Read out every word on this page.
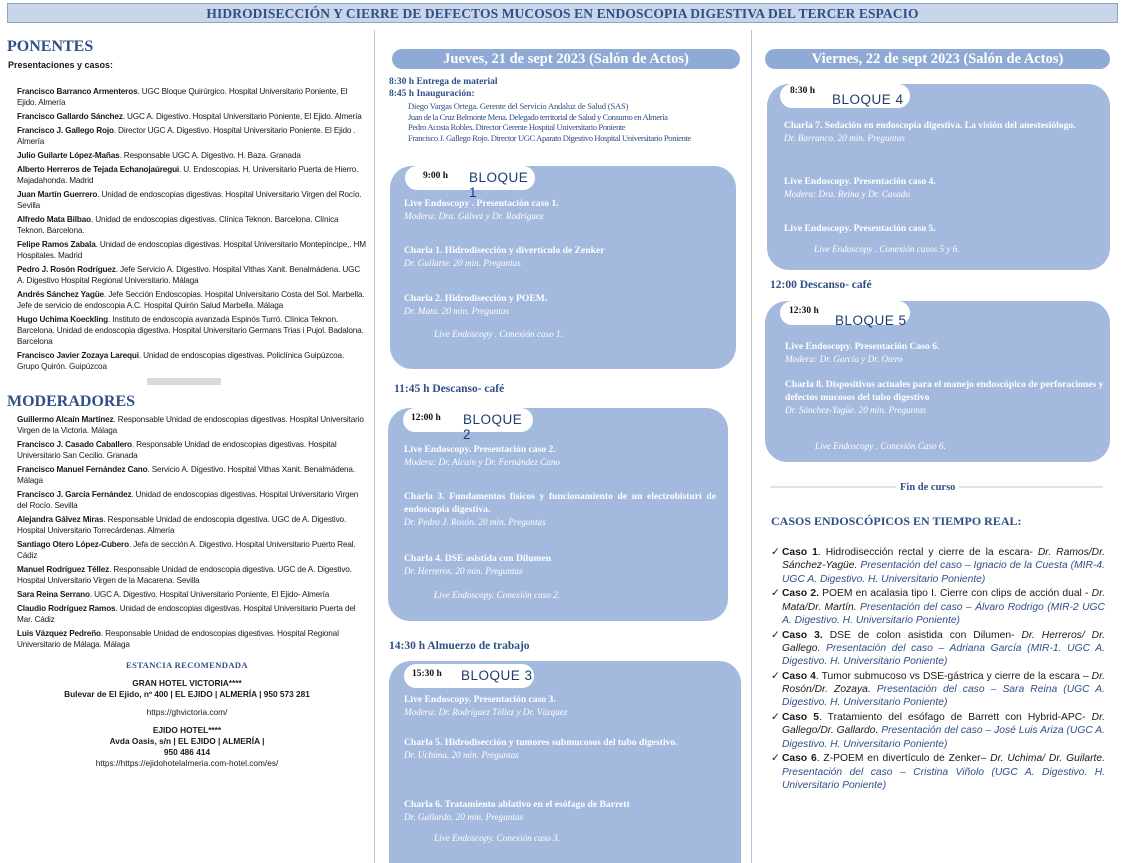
HIDRODISECCIÓN Y CIERRE DE DEFECTOS MUCOSOS EN ENDOSCOPIA DIGESTIVA DEL TERCER ESPACIO
PONENTES
Presentaciones y casos:
Francisco Barranco Armenteros. UGC Bloque Quirúrgico. Hospital Universitario Poniente, El Ejido. Almería
Francisco Gallardo Sánchez. UGC A. Digestivo. Hospital Universitario Poniente, El Ejido. Almería
Francisco J. Gallego Rojo. Director UGC A. Digestivo. Hospital Universitario Poniente. El Ejido . Almería
Julio Guilarte López-Mañas. Responsable UGC A. Digestivo. H. Baza. Granada
Alberto Herreros de Tejada Echanojaúregui. U. Endoscopias. H. Universitario Puerta de Hierro. Majadahonda. Madrid
Juan Martín Guerrero. Unidad de endoscopias digestivas. Hospital Universitario Virgen del Rocío. Sevilla
Alfredo Mata Bilbao. Unidad de endoscopias digestivas. Clínica Teknon. Barcelona. Clínica Teknon. Barcelona.
Felipe Ramos Zabala. Unidad de endoscopias digestivas. Hospital Universitario Montepíncipe,. HM Hospitales. Madrid
Pedro J. Rosón Rodríguez. Jefe Servicio A. Digestivo. Hospital Vithas Xanit. Benalmádena. UGC A. Digestivo Hospital Regional Universitario. Málaga
Andrés Sánchez Yagüe. Jefe Sección Endoscopias. Hospital Universitario Costa del Sol. Marbella. Jefe de servicio de endoscopia A.C. Hospital Quirón Salud Marbella. Málaga
Hugo Uchima Koeckling. Instituto de endoscopia avanzada Espinós Turró. Clínica Teknon. Barcelona. Unidad de endoscopia digestiva. Hospital Universitario Germans Trias i Pujol. Badalona. Barcelona
Francisco Javier Zozaya Larequi. Unidad de endoscopias digestivas. Policlínica Guipúzcoa. Grupo Quirón. Guipúzcoa
MODERADORES
Guillermo Alcaín Martínez. Responsable Unidad de endoscopias digestivas. Hospital Universitario Virgen de la Victoria. Málaga
Francisco J. Casado Caballero. Responsable Unidad de endoscopias digestivas. Hospital Universitario San Cecilio. Granada
Francisco Manuel Fernández Cano. Servicio A. Digestivo. Hospital Vithas Xanit. Benalmádena. Málaga
Francisco J. García Fernández. Unidad de endoscopias digestivas. Hospital Universitario Virgen del Rocío. Sevilla
Alejandra Gálvez Miras. Responsable Unidad de endoscopia digestiva. UGC de A. Digestivo. Hospital Universitario Torrecárdenas. Almería
Santiago Otero López-Cubero. Jefa de sección A. Digestivo. Hospital Universitario Puerto Real. Cádiz
Manuel Rodríguez Téllez. Responsable Unidad de endoscopia digestiva. UGC de A. Digestivo. Hospital Universitario Virgen de la Macarena. Sevilla
Sara Reina Serrano. UGC A. Digestivo. Hospital Universitario Poniente, El Ejido- Almería
Claudio Rodríguez Ramos. Unidad de endoscopias digestivas. Hospital Universitario Puerta del Mar. Cádiz
Luis Vázquez Pedreño. Responsable Unidad de endoscopias digestivas. Hospital Regional Universitario de Málaga. Málaga
ESTANCIA RECOMENDADA
GRAN HOTEL VICTORIA****
Bulevar de El Ejido, nº 400 | EL EJIDO | ALMERÍA | 950 573 281
https://ghvictoria.com/
EJIDO HOTEL****
Avda Oasis, s/n | EL EJIDO | ALMERÍA |
950 486 414
https://https://ejidohotelalmeria.com-hotel.com/es/
Jueves, 21 de sept 2023 (Salón de Actos)
8:30 h Entrega de material
8:45 h Inauguración:
Diego Vargas Ortega. Gerente del Servicio Andaluz de Salud (SAS)
Juan de la Cruz Belmonte Mena. Delegado territorial de Salud y Consumo en Almería
Pedro Acosta Robles. Director Gerente Hospital Universitario Poniente
Francisco J. Gallego Rojo. Director UGC Aparato Digestivo Hospital Universitario Poniente
9:00 h BLOQUE 1
Live Endoscopy . Presentación caso 1.
Modera: Dra. Gálvez y Dr. Rodríguez
Charla 1. Hidrodisección y divertículo de Zenker
Dr. Guilarte. 20 min. Preguntas
Charla 2. Hidrodisección y POEM.
Dr. Mata. 20 min. Preguntas
Live Endoscopy . Conexión caso 1.
11:45 h Descanso- café
12:00 h BLOQUE 2
Live Endoscopy. Presentación caso 2.
Modera: Dr. Alcaín y Dr. Fernández Cano
Charla 3. Fundamentos físicos y funcionamiento de un electrobisturí de endoscopia digestiva.
Dr. Pedro J. Rosón. 20 min. Preguntas
Charla 4. DSE asistida con Dilumen
Dr. Herreros. 20 min. Preguntas
Live Endoscopy. Conexión caso 2.
14:30 h Almuerzo de trabajo
15:30 h BLOQUE 3
Live Endoscopy. Presentación caso 3.
Modera: Dr. Rodríguez Téllez y Dr. Vázquez
Charla 5. Hidrodisección y tumores submucosos del tubo digestivo.
Dr. Uchima. 20 min. Preguntas
Charla 6. Tratamiento ablativo en el esófago de Barrett
Dr. Gallardo. 20 min. Preguntas
Live Endoscopy. Conexión caso 3.
Viernes, 22 de sept 2023 (Salón de Actos)
8:30 h
BLOQUE 4
Charla 7. Sedación en endoscopia digestiva. La visión del anestesiólogo.
Dr. Barranco. 20 min. Preguntas
Live Endoscopy. Presentación caso 4.
Modera: Dra. Reina y Dr. Casado
Live Endoscopy. Presentación caso 5.
Live Endoscopy . Conexión casos 5 y 6.
12:00 Descanso- café
12:30 h
BLOQUE 5
Live Endoscopy. Presentación Caso 6.
Modera: Dr. García y Dr. Otero
Charla 8. Dispositivos actuales para el manejo endoscópico de perforaciones y defectos mucosos del tubo digestivo
Dr. Sánchez-Yagüe. 20 min. Preguntas
Live Endoscopy . Conexión Caso 6.
Fin de curso
CASOS ENDOSCÓPICOS EN TIEMPO REAL:
✓ Caso 1. Hidrodisección rectal y cierre de la escara- Dr. Ramos/Dr. Sánchez-Yagüe. Presentación del caso – Ignacio de la Cuesta (MIR-4. UGC A. Digestivo. H. Universitario Poniente)
✓ Caso 2. POEM en acalasia tipo I. Cierre con clips de acción dual - Dr. Mata/Dr. Martín. Presentación del caso – Álvaro Rodrigo (MIR-2 UGC A. Digestivo. H. Universitario Poniente)
✓ Caso 3. DSE de colon asistida con Dilumen- Dr. Herreros/ Dr. Gallego. Presentación del caso – Adriana García (MIR-1. UGC A. Digestivo. H. Universitario Poniente)
✓ Caso 4. Tumor submucoso vs DSE-gástrica y cierre de la escara – Dr. Rosón/Dr. Zozaya. Presentación del caso – Sara Reina (UGC A. Digestivo. H. Universitario Poniente)
✓ Caso 5. Tratamiento del esófago de Barrett con Hybrid-APC- Dr. Gallego/Dr. Gallardo. Presentación del caso – José Luis Ariza (UGC A. Digestivo. H. Universitario Poniente)
✓ Caso 6. Z-POEM en divertículo de Zenker– Dr. Uchima/ Dr. Guilarte. Presentación del caso – Cristina Viñolo (UGC A. Digestivo. H. Universitario Poniente)
